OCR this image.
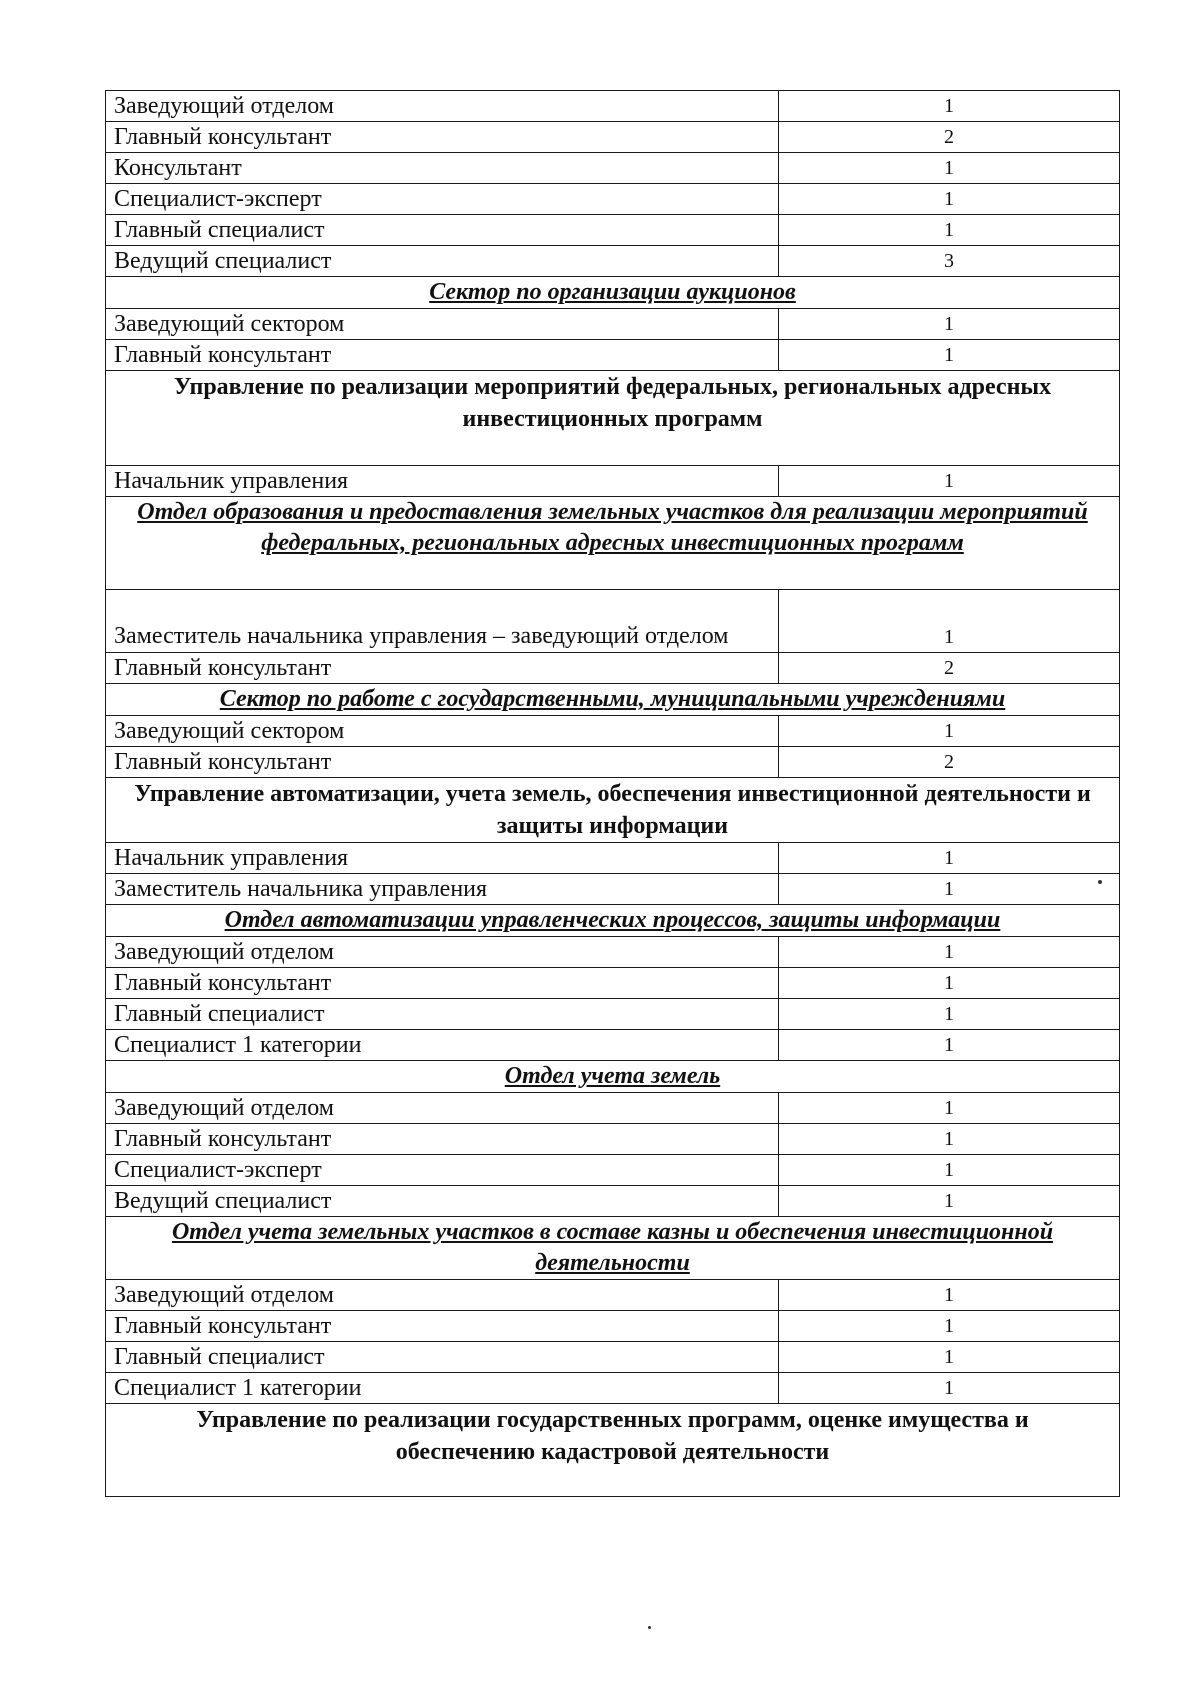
Заведующий отделом	1
Главный консультант	2
Консультант	1
Специалист-эксперт	1
Главный специалист	1
Ведущий специалист	3
Сектор по организации аукционов	
Заведующий сектором	1
Главный консультант	1
Управление по реализации мероприятий федеральных, региональных адресных инвестиционных программ	
Начальник управления	1
Отдел образования и предоставления земельных участков для реализации мероприятий федеральных, региональных адресных инвестиционных программ	
Заместитель начальника управления – заведующий отделом	1
Главный консультант	2
Сектор по работе с государственными, муниципальными учреждениями	
Заведующий сектором	1
Главный консультант	2
Управление автоматизации, учета земель, обеспечения инвестиционной деятельности и защиты информации	
Начальник управления	1
Заместитель начальника управления	1
Отдел автоматизации управленческих процессов, защиты информации	
Заведующий отделом	1
Главный консультант	1
Главный специалист	1
Специалист 1 категории	1
Отдел учета земель	
Заведующий отделом	1
Главный консультант	1
Специалист-эксперт	1
Ведущий специалист	1
Отдел учета земельных участков в составе казны и обеспечения инвестиционной деятельности	
Заведующий отделом	1
Главный консультант	1
Главный специалист	1
Специалист 1 категории	1
Управление по реализации государственных программ, оценке имущества и обеспечению кадастровой деятельности	
